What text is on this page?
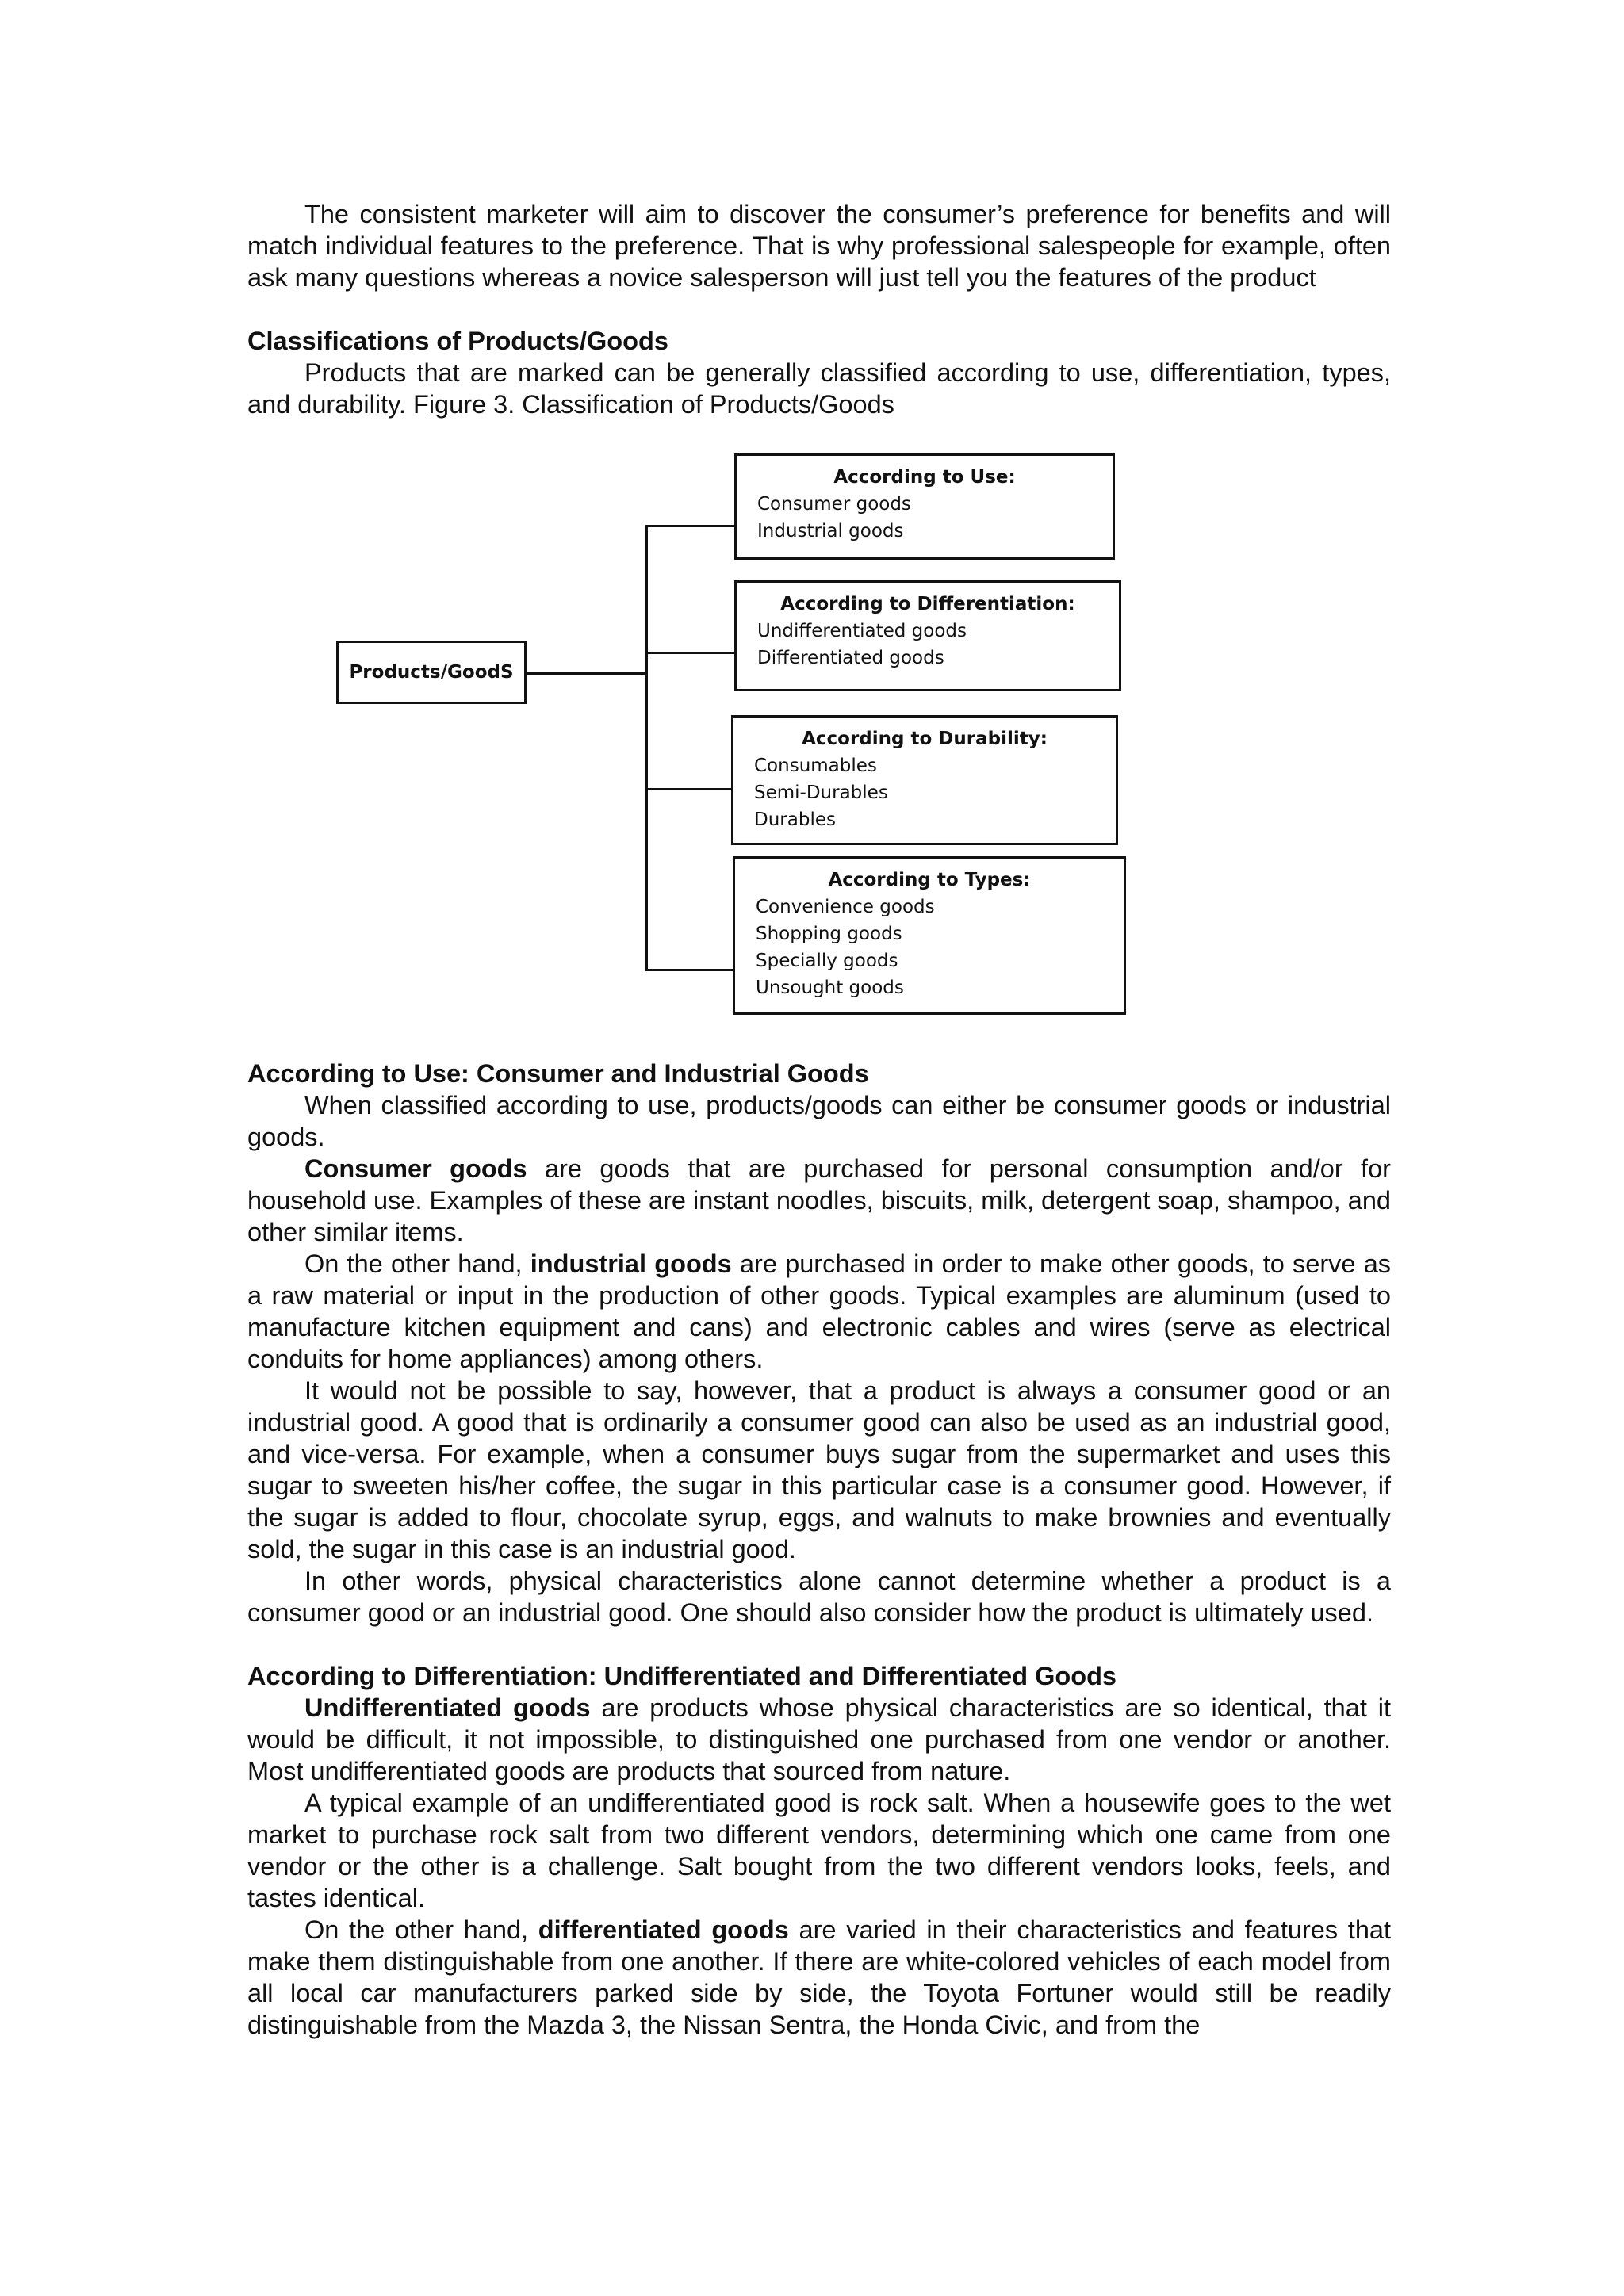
The consistent marketer will aim to discover the consumer’s preference for benefits and will match individual features to the preference. That is why professional salespeople for example, often ask many questions whereas a novice salesperson will just tell you the features of the product

Classifications of Products/Goods

Products that are marked can be generally classified according to use, differentiation, types, and durability. Figure 3. Classification of Products/Goods

Products/GoodS
According to Use:
Consumer goods
Industrial goods
According to Differentiation:
Undifferentiated goods
Differentiated goods
According to Durability:
Consumables
Semi-Durables
Durables
According to Types:
Convenience goods
Shopping goods
Specially goods
Unsought goods
According to Use: Consumer and Industrial Goods

When classified according to use, products/goods can either be consumer goods or industrial goods.

Consumer goods are goods that are purchased for personal consumption and/or for household use. Examples of these are instant noodles, biscuits, milk, detergent soap, shampoo, and other similar items.

On the other hand, industrial goods are purchased in order to make other goods, to serve as a raw material or input in the production of other goods. Typical examples are aluminum (used to manufacture kitchen equipment and cans) and electronic cables and wires (serve as electrical conduits for home appliances) among others.

It would not be possible to say, however, that a product is always a consumer good or an industrial good. A good that is ordinarily a consumer good can also be used as an industrial good, and vice-versa. For example, when a consumer buys sugar from the supermarket and uses this sugar to sweeten his/her coffee, the sugar in this particular case is a consumer good. However, if the sugar is added to flour, chocolate syrup, eggs, and walnuts to make brownies and eventually sold, the sugar in this case is an industrial good.

In other words, physical characteristics alone cannot determine whether a product is a consumer good or an industrial good. One should also consider how the product is ultimately used.

According to Differentiation: Undifferentiated and Differentiated Goods

Undifferentiated goods are products whose physical characteristics are so identical, that it would be difficult, it not impossible, to distinguished one purchased from one vendor or another. Most undifferentiated goods are products that sourced from nature.

A typical example of an undifferentiated good is rock salt. When a housewife goes to the wet market to purchase rock salt from two different vendors, determining which one came from one vendor or the other is a challenge. Salt bought from the two different vendors looks, feels, and tastes identical.

On the other hand, differentiated goods are varied in their characteristics and features that make them distinguishable from one another. If there are white-colored vehicles of each model from all local car manufacturers parked side by side, the Toyota Fortuner would still be readily distinguishable from the Mazda 3, the Nissan Sentra, the Honda Civic, and from the
